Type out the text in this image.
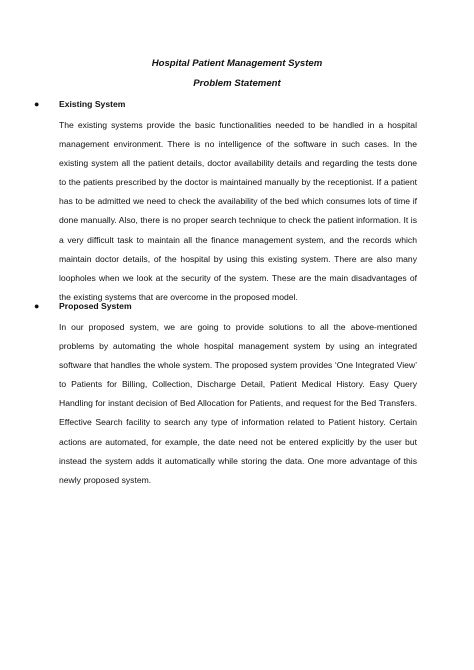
Hospital Patient Management System

Problem Statement

● Existing System

The existing systems provide the basic functionalities needed to be handled in a hospital management environment. There is no intelligence of the software in such cases. In the existing system all the patient details, doctor availability details and regarding the tests done to the patients prescribed by the doctor is maintained manually by the receptionist. If a patient has to be admitted we need to check the availability of the bed which consumes lots of time if done manually. Also, there is no proper search technique to check the patient information. It is a very difficult task to maintain all the finance management system, and the records which maintain doctor details, of the hospital by using this existing system. There are also many loopholes when we look at the security of the system. These are the main disadvantages of the existing systems that are overcome in the proposed model.

● Proposed System

In our proposed system, we are going to provide solutions to all the above-mentioned problems by automating the whole hospital management system by using an integrated software that handles the whole system. The proposed system provides ‘One Integrated View’ to Patients for Billing, Collection, Discharge Detail, Patient Medical History. Easy Query Handling for instant decision of Bed Allocation for Patients, and request for the Bed Transfers. Effective Search facility to search any type of information related to Patient history. Certain actions are automated, for example, the date need not be entered explicitly by the user but instead the system adds it automatically while storing the data. One more advantage of this newly proposed system.
